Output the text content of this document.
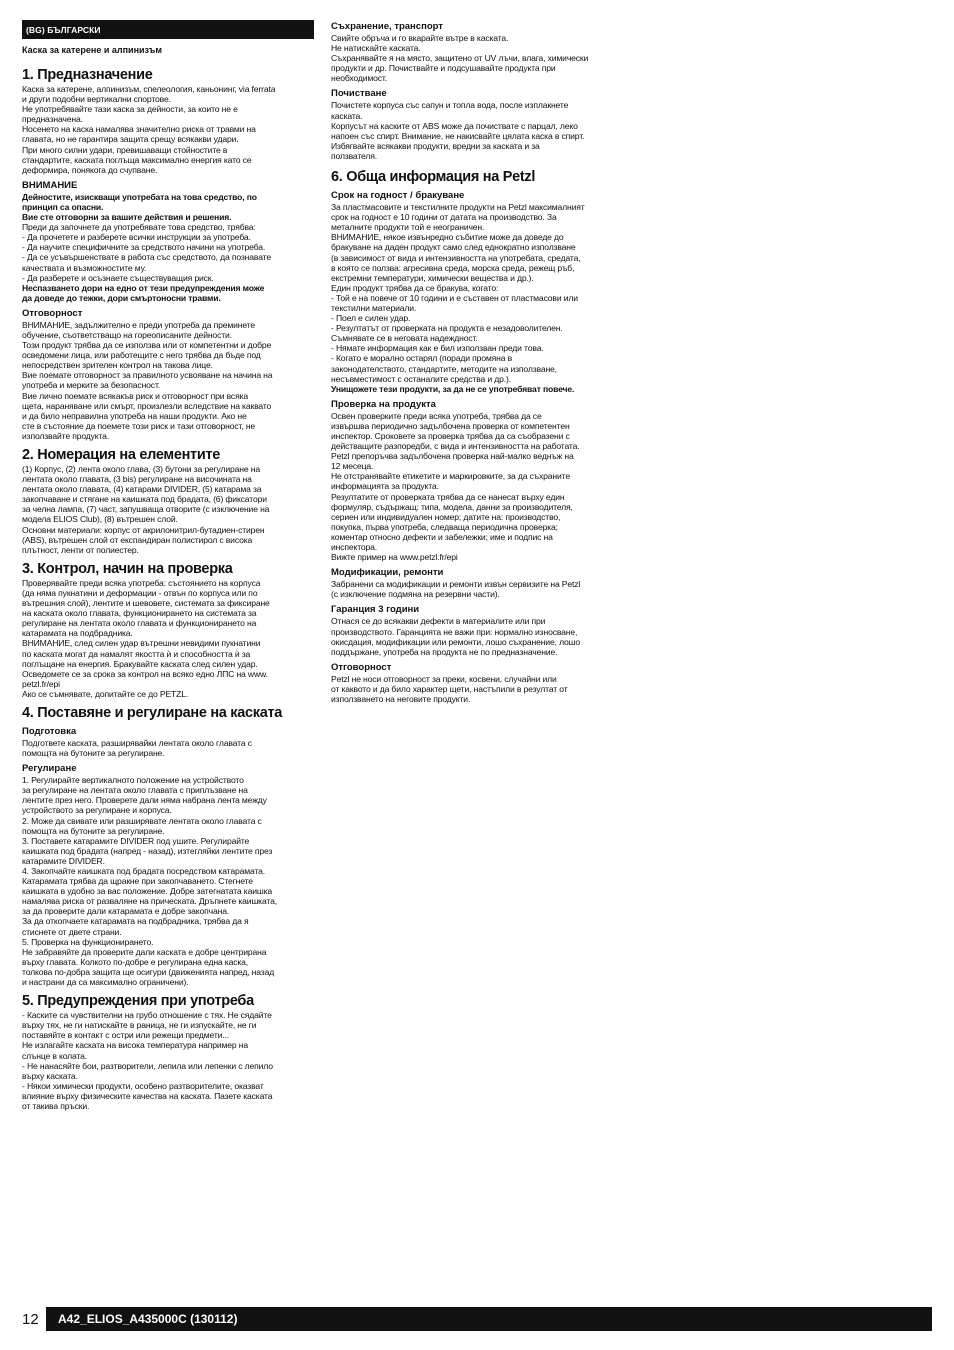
(BG) БЪЛГАРСКИ
Каска за катерене и алпинизъм
1. Предназначение

Каска за катерене, алпинизъм, спелеология, каньонинг, via ferrata
и други подобни вертикални спортове.
Не употребявайте тази каска за дейности, за които не е
предназначена.
Носенето на каска намалява значително риска от травми на
главата, но не гарантира защита срещу всякакви удари.
При много силни удари, превишаващи стойностите в
стандартите, каската поглъща максимално енергия като се
деформира, понякога до счупване.

ВНИМАНИЕ

Дейностите, изискващи употребата на това средство, по
принцип са опасни.
Вие сте отговорни за вашите действия и решения.

Преди да започнете да употребявате това средство, трябва:
- Да прочетете и разберете всички инструкции за употреба.
- Да научите специфичните за средството начини на употреба.
- Да се усъвършенствате в работа със средството, да познавате
качествата и възможностите му.
- Да разберете и осъзнаете съществуващия риск.

Неспазването дори на едно от тези предупреждения може
да доведе до тежки, дори смъртоносни травми.

Отговорност

ВНИМАНИЕ, задължително е преди употреба да преминете
обучение, съответстващо на гореописаните дейности.
Този продукт трябва да се използва или от компетентни и добре
осведомени лица, или работещите с него трябва да бъде под
непосредствен зрителен контрол на такова лице.
Вие поемате отговорност за правилното усвояване на начина на
употреба и мерките за безопасност.
Вие лично поемате всякакъв риск и отговорност при всяка
щета, нараняване или смърт, произлезли вследствие на каквато
и да било неправилна употреба на наши продукти. Ако не
сте в състояние да поемете този риск и тази отговорност, не
използвайте продукта.

2. Номерация на елементите

(1) Корпус, (2) лента около глава, (3) бутони за регулиране на
лентата около главата, (3 bis) регулиране на височината на
лентата около главата, (4) катарами DIVIDER, (5) катарама за
закопчаване и стягане на каишката под брадата, (6) фиксатори
за челна лампа, (7) част, запушваща отворите (с изключение на
модела ELIOS Club), (8) вътрешен слой.
Основни материали: корпус от акрилонитрил-бутадиен-стирен
(ABS), вътрешен слой от експандиран полистирол с висока
плътност, ленти от полиестер.

3. Контрол, начин на проверка

Проверявайте преди всяка употреба: състоянието на корпуса
(да няма пукнатини и деформации - отвън по корпуса или по
вътрешния слой), лентите и шевовете, системата за фиксиране
на каската около главата, функционирането на системата за
регулиране на лентата около главата и функционирането на
катарамата на подбрадника.
ВНИМАНИЕ, след силен удар вътрешни невидими пукнатини
по каската могат да намалят якостта ѝ и способността ѝ за
поглъщане на енергия. Бракувайте каската след силен удар.
Осведомете се за срока за контрол на всяко едно ЛПС на www.
petzl.fr/epi
Ако се съмнявате, допитайте се до PETZL.

4. Поставяне и регулиране на каската
Подготовка

Подгответе каската, разширявайки лентата около главата с
помощта на бутоните за регулиране.

Регулиране

1. Регулирайте вертикалното положение на устройството
за регулиране на лентата около главата с приплъзване на
лентите през него. Проверете дали няма набрана лента между
устройството за регулиране и корпуса.
2. Може да свивате или разширявате лентата около главата с
помощта на бутоните за регулиране.
3. Поставете катарамите DIVIDER под ушите. Регулирайте
каишката под брадата (напред - назад), изтегляйки лентите през
катарамите DIVIDER.
4. Закопчайте каишката под брадата посредством катарамата.
Катарамата трябва да щракне при закопчаването. Стегнете
каишката в удобно за вас положение. Добре затегнатата каишка
намалява риска от разваляне на прическата. Дръпнете каишката,
за да проверите дали катарамата е добре закопчана.
За да откопчаете катарамата на подбрадника, трябва да я
стиснете от двете страни.
5. Проверка на функционирането.
Не забравяйте да проверите дали каската е добре центрирана
върху главата. Колкото по-добре е регулирана една каска,
толкова по-добра защита ще осигури (движенията напред, назад
и настрани да са максимално ограничени).

5. Предупреждения при употреба

- Каските са чувствителни на грубо отношение с тях. Не сядайте
върху тях, не ги натискайте в раница, не ги изпускайте, не ги
поставяйте в контакт с остри или режещи предмети...
Не излагайте каската на висока температура например на
слънце в колата.
- Не нанасяйте бои, разтворители, лепила или лепенки с лепило
върху каската.
- Някои химически продукти, особено разтворителите, оказват
влияние върху физическите качества на каската. Пазете каската
от такива пръски.

Съхранение, транспорт

Свийте обръча и го вкарайте вътре в каската.
Не натискайте каската.
Съхранявайте я на място, защитено от UV лъчи, влага, химически
продукти и др. Почиствайте и подсушавайте продукта при
необходимост.

Почистване

Почистете корпуса със сапун и топла вода, после изплакнете
каската.
Корпусът на каските от ABS може да почиствате с парцал, леко
напоен със спирт. Внимание, не накисвайте цялата каска в спирт.
Избягвайте всякакви продукти, вредни за каската и за
ползвателя.

6. Обща информация на Petzl
Срок на годност / бракуване

За пластмасовите и текстилните продукти на Petzl максималният
срок на годност е 10 години от датата на производство. За
металните продукти той е неограничен.
ВНИМАНИЕ, някое извънредно събитие може да доведе до
бракуване на даден продукт само след еднократно използване
(в зависимост от вида и интензивността на употребата, средата,
в която се ползва: агресивна среда, морска среда, режещ ръб,
екстремни температури, химически вещества и др.).
Един продукт трябва да се бракува, когато:
- Той е на повече от 10 години и е съставен от пластмасови или
текстилни материали.
- Поел е силен удар.
- Резултатът от проверката на продукта е незадоволителен.
Съмнявате се в неговата надеждност.
- Нямате информация как е бил използван преди това.
- Когато е морално остарял (поради промяна в
законодателството, стандартите, методите на използване,
несъвместимост с останалите средства и др.).

Унищожете тези продукти, за да не се употребяват повече.

Проверка на продукта

Освен проверките преди всяка употреба, трябва да се
извършва периодично задълбочена проверка от компетентен
инспектор. Сроковете за проверка трябва да са съобразени с
действащите разпоредби, с вида и интензивността на работата.
Petzl препоръчва задълбочена проверка най-малко веднъж на
12 месеца.
Не отстранявайте етикетите и маркировките, за да съхраните
информацията за продукта.
Резултатите от проверката трябва да се нанесат върху един
формуляр, съдържащ: типа, модела, данни за производителя,
сериен или индивидуален номер; датите на: производство,
покупка, първа употреба, следваща периодична проверка;
коментар относно дефекти и забележки; име и подпис на
инспектора.
Вижте пример на www.petzl.fr/epi

Модификации, ремонти

Забранени са модификации и ремонти извън сервизите на Petzl
(с изключение подмяна на резервни части).

Гаранция 3 години

Отнася се до всякакви дефекти в материалите или при
производството. Гаранцията не важи при: нормално износване,
окисдация, модификации или ремонти, лошо съхранение, лошо
поддържане, употреба на продукта не по предназначение.

Отговорност

Petzl не носи отговорност за преки, косвени, случайни или
от каквото и да било характер щети, настъпили в резултат от
използването на неговите продукти.

12	A42_ELIOS_A435000C (130112)
